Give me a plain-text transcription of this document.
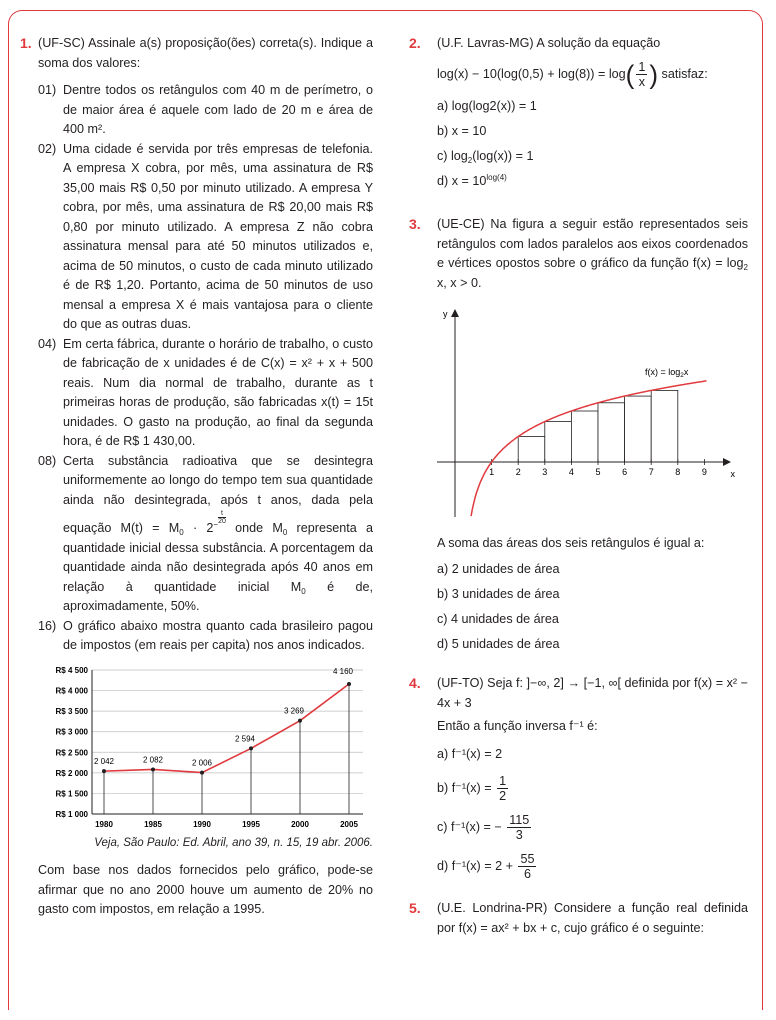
1. (UF-SC) Assinale a(s) proposição(ões) correta(s). Indique a soma dos valores:

01) Dentre todos os retângulos com 40 m de perímetro, o de maior área é aquele com lado de 20 m e área de 400 m².
02) Uma cidade é servida por três empresas de telefonia. A empresa X cobra, por mês, uma assinatura de R$ 35,00 mais R$ 0,50 por minuto utilizado. A empresa Y cobra, por mês, uma assinatura de R$ 20,00 mais R$ 0,80 por minuto utilizado. A empresa Z não cobra assinatura mensal para até 50 minutos utilizados e, acima de 50 minutos, o custo de cada minuto utilizado é de R$ 1,20. Portanto, acima de 50 minutos de uso mensal a empresa X é mais vantajosa para o cliente do que as outras duas.
04) Em certa fábrica, durante o horário de trabalho, o custo de fabricação de x unidades é de C(x) = x² + x + 500 reais. Num dia normal de trabalho, durante as t primeiras horas de produção, são fabricadas x(t) = 15t unidades. O gasto na produção, ao final da segunda hora, é de R$ 1 430,00.
08) Certa substância radioativa que se desintegra uniformemente ao longo do tempo tem sua quantidade ainda não desintegrada, após t anos, dada pela equação $M(t) = M_0 \cdot 2^{- \frac{t}{20}}$
onde $M_0$ representa a quantidade inicial dessa substância. A porcentagem da quantidade ainda não desintegrada após 40 anos em relação à quantidade inicial $M_0$ é de, aproximadamente, 50%.
16) O gráfico abaixo mostra quanto cada brasileiro pagou de impostos (em reais per capita) nos anos indicados.
R$ 1 000
R$ 1 500
R$ 2 000
R$ 2 500
R$ 3 000
R$ 3 500
R$ 4 000
R$ 4 500
1980	1985	1990	1995	2000	2005
2 042	2 082	2 006
2 594
3 269
4 160

Veja, São Paulo: Ed. Abril, ano 39, n. 15, 19 abr. 2006.

Com base nos dados fornecidos pelo gráfico, pode-se afirmar que no ano 2000 houve um aumento de 20% no gasto com impostos, em relação a 1995.

2. (U.F. Lavras-MG) A solução da equação

$\log(x) - 10(\log(0,5) + \log(8)) = \log( \frac{1}{x}$ ) satisfaz:

a) log(log2(x)) = 1

b) x = 10

c) $\log_2(\log(x)) = 1$

d) $x = 10^{log(4)}$

3. (UE-CE) Na figura a seguir estão representados seis retângulos com lados paralelos aos eixos coordenados e vértices opostos sobre o gráfico da função $f(x) = \log_2 x$, x > 0.

y
x
1 2 3 4 5 6 7 8 9
$f(x) = \log_2x$

A soma das áreas dos seis retângulos é igual a:

a) 2 unidades de área

b) 3 unidades de área

c) 4 unidades de área

d) 5 unidades de área

4. (UF-TO) Seja f: ]−∞, 2] → [−1, ∞[ definida por f(x) = x² − 4x + 3

Então a função inversa f⁻¹ é:

a) f⁻¹(x) = 2

b) $f^{-1}(x) = \frac{1}{2}$

c) f⁻¹(x) = − $\frac{115}{3}$

d) $f^{-1}(x) = 2 + \frac{55}{6}$

5. (U.E. Londrina-PR) Considere a função real definida por f(x) = ax² + bx + c, cujo gráfico é o seguinte:
